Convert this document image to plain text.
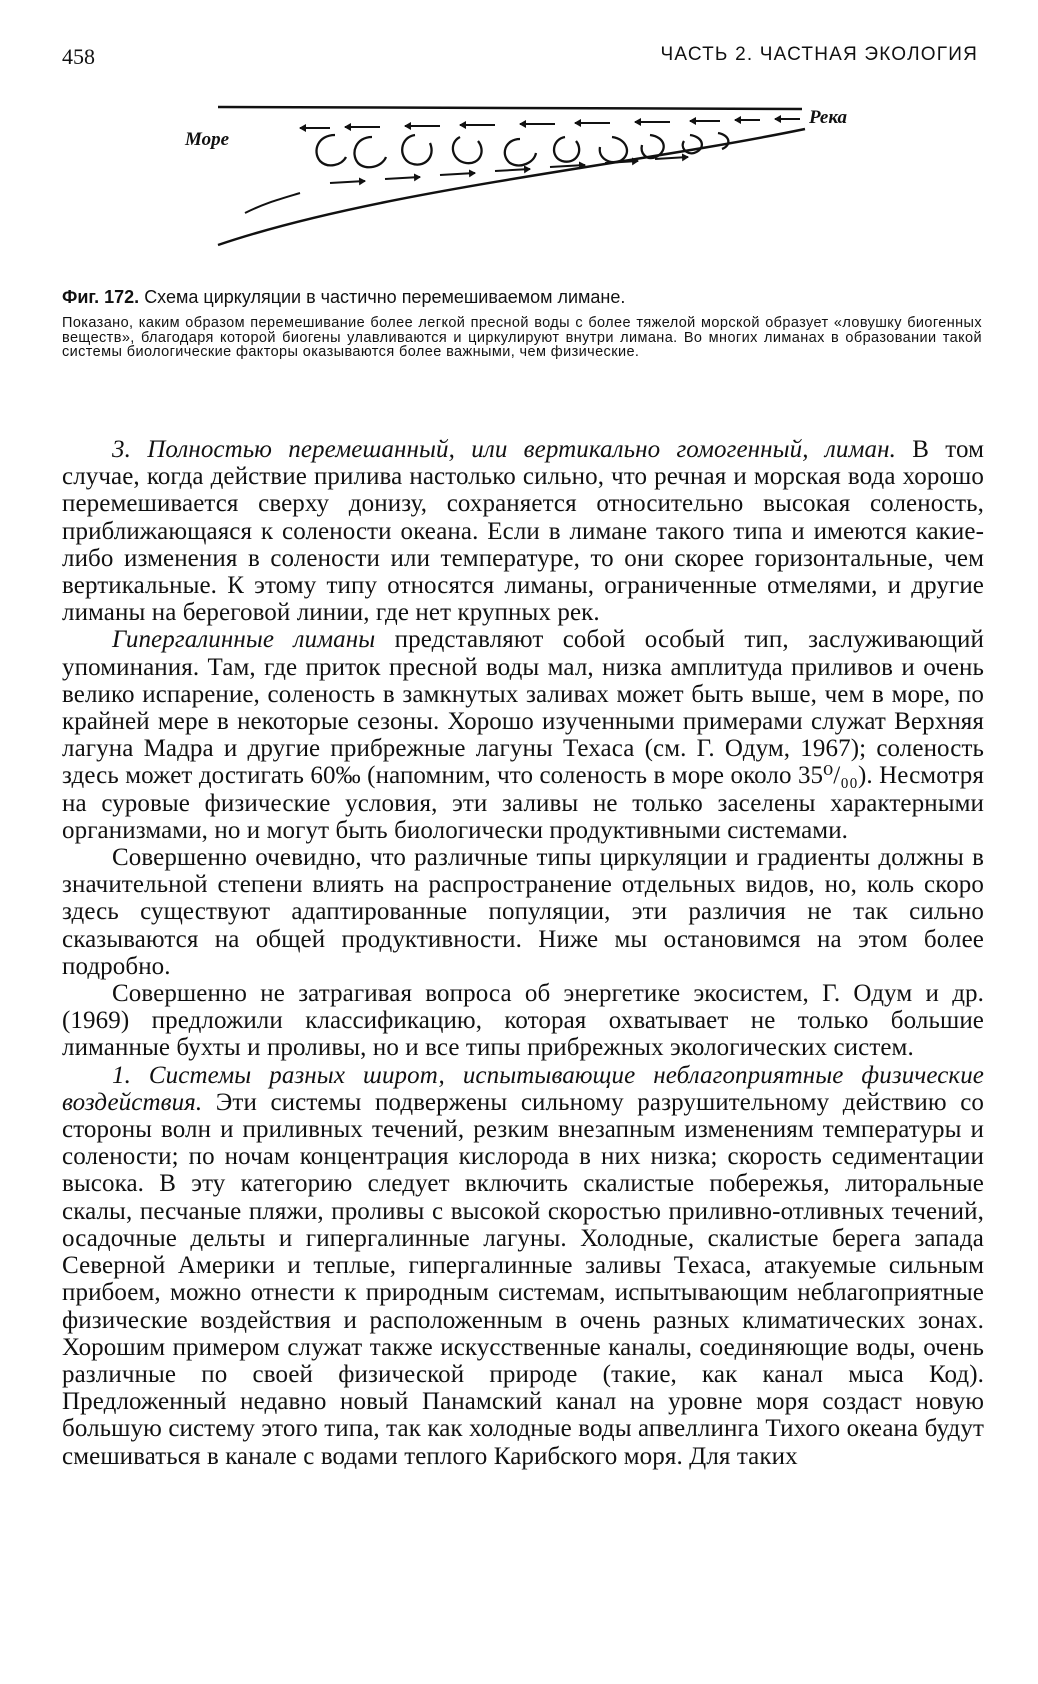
458	ЧАСТЬ 2. ЧАСТНАЯ ЭКОЛОГИЯ
Море
Река

Фиг. 172. Схема циркуляции в частично перемешиваемом лимане.

Показано, каким образом перемешивание более легкой пресной воды с более тяжелой морской образует «ловушку биогенных веществ», благодаря которой биогены улавливаются и циркулируют внутри лимана. Во многих лиманах в образовании такой системы биологические факторы оказываются более важными, чем физические.

3. Полностью перемешанный, или вертикально гомогенный, лиман. В том случае, когда действие прилива настолько сильно, что речная и морская вода хорошо перемешивается сверху донизу, сохраняется относительно высокая соленость, приближающаяся к солености океана. Если в лимане такого типа и имеются какие-либо изменения в солености или температуре, то они скорее горизонтальные, чем вертикальные. К этому типу относятся лиманы, ограниченные отмелями, и другие лиманы на береговой линии, где нет крупных рек.

Гипергалинные лиманы представляют собой особый тип, заслуживающий упоминания. Там, где приток пресной воды мал, низка амплитуда приливов и очень велико испарение, соленость в замкнутых заливах может быть выше, чем в море, по крайней мере в некоторые сезоны. Хорошо изученными примерами служат Верхняя лагуна Мадра и другие прибрежные лагуны Техаса (см. Г. Одум, 1967); соленость здесь может достигать 60‰ (напомним, что соленость в море около 35⁰/₀₀). Несмотря на суровые физические условия, эти заливы не только заселены характерными организмами, но и могут быть биологически продуктивными системами.

Совершенно очевидно, что различные типы циркуляции и градиенты должны в значительной степени влиять на распространение отдельных видов, но, коль скоро здесь существуют адаптированные популяции, эти различия не так сильно сказываются на общей продуктивности. Ниже мы остановимся на этом более подробно.

Совершенно не затрагивая вопроса об энергетике экосистем, Г. Одум и др. (1969) предложили классификацию, которая охватывает не только большие лиманные бухты и проливы, но и все типы прибрежных экологических систем.

1. Системы разных широт, испытывающие неблагоприятные физические воздействия. Эти системы подвержены сильному разрушительному действию со стороны волн и приливных течений, резким внезапным изменениям температуры и солености; по ночам концентрация кислорода в них низка; скорость седиментации высока. В эту категорию следует включить скалистые побережья, литоральные скалы, песчаные пляжи, проливы с высокой скоростью приливно-отливных течений, осадочные дельты и гипергалинные лагуны. Холодные, скалистые берега запада Северной Америки и теплые, гипергалинные заливы Техаса, атакуемые сильным прибоем, можно отнести к природным системам, испытывающим неблагоприятные физические воздействия и расположенным в очень разных климатических зонах. Хорошим примером служат также искусственные каналы, соединяющие воды, очень различные по своей физической природе (такие, как канал мыса Код). Предложенный недавно новый Панамский канал на уровне моря создаст новую большую систему этого типа, так как холодные воды апвеллинга Тихого океана будут смешиваться в канале с водами теплого Карибского моря. Для таких
